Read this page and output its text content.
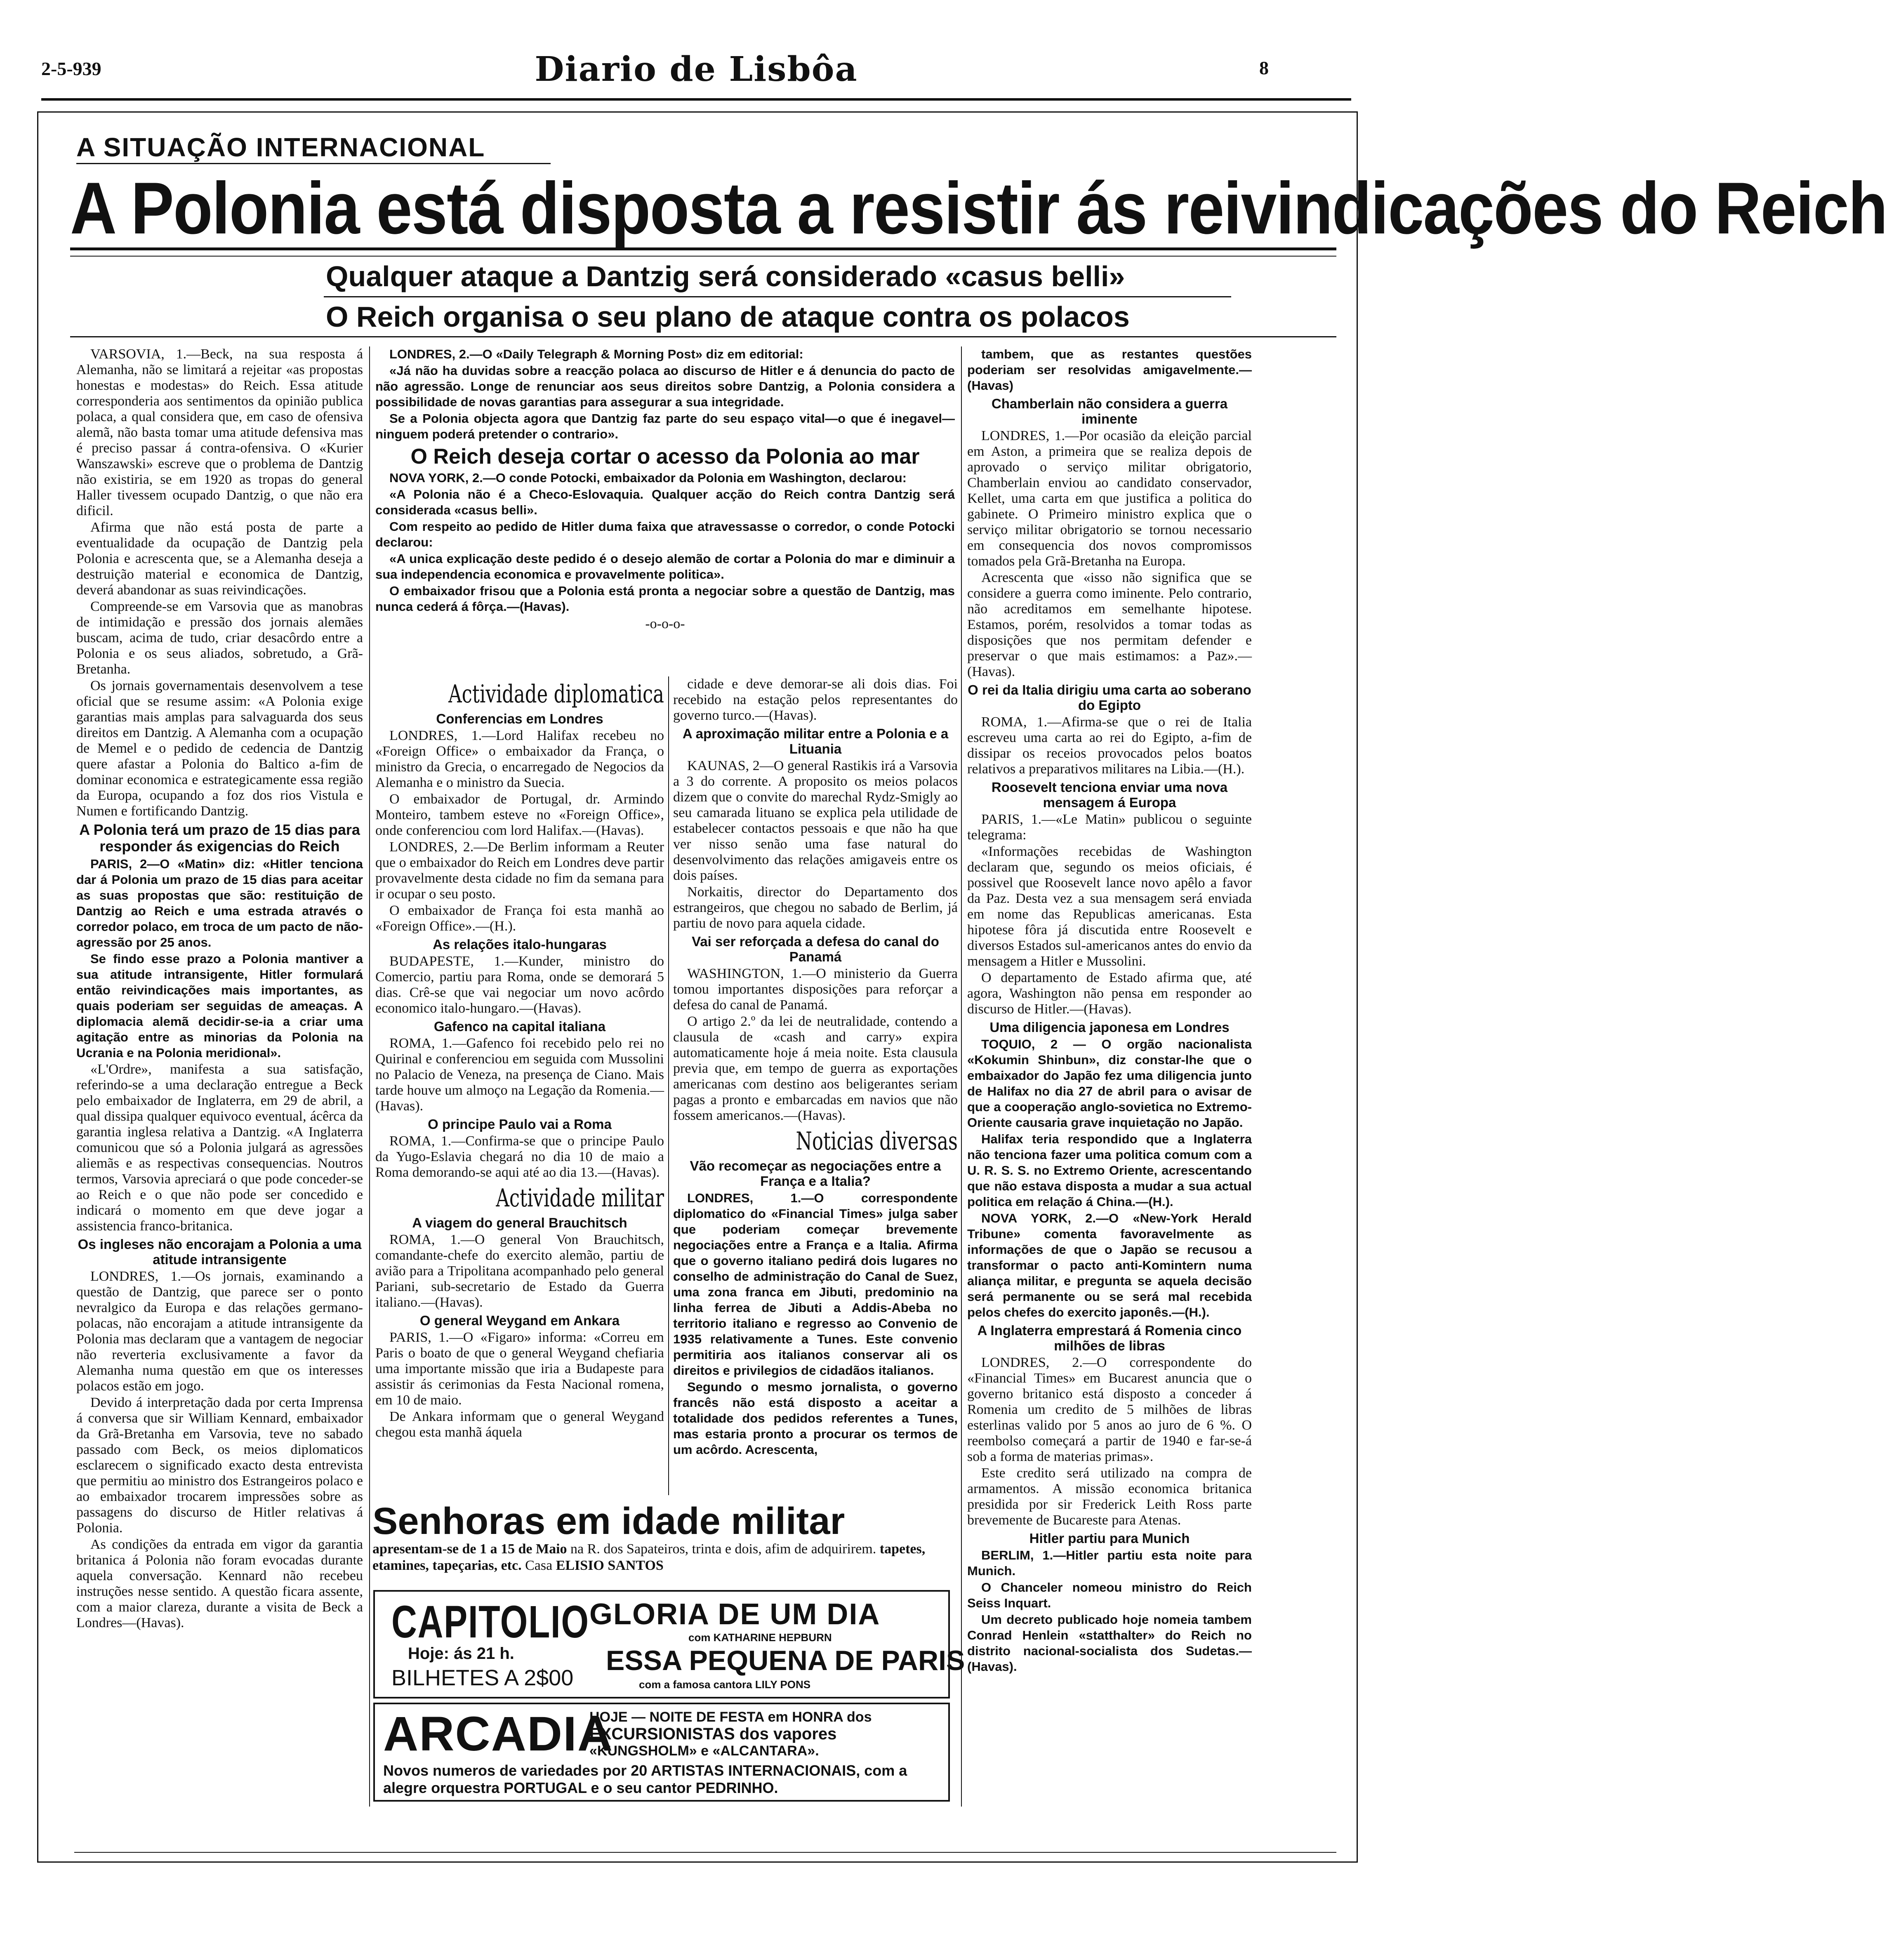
2-5-939	Diario de Lisbôa	8
A SITUAÇÃO INTERNACIONAL
A Polonia está disposta a resistir ás reivindicações do Reich
Qualquer ataque a Dantzig será considerado «casus belli»
O Reich organisa o seu plano de ataque contra os polacos

VARSOVIA, 1.—Beck, na sua resposta á Alemanha, não se limitará a rejeitar «as propostas honestas e modestas» do Reich. Essa atitude corresponderia aos sentimentos da opinião publica polaca, a qual considera que, em caso de ofensiva alemã, não basta tomar uma atitude defensiva mas é preciso passar á contra-ofensiva. O «Kurier Wanszawski» escreve que o problema de Dantzig não existiria, se em 1920 as tropas do general Haller tivessem ocupado Dantzig, o que não era dificil.

Afirma que não está posta de parte a eventualidade da ocupação de Dantzig pela Polonia e acrescenta que, se a Alemanha deseja a destruição material e economica de Dantzig, deverá abandonar as suas reivindicações.

Compreende-se em Varsovia que as manobras de intimidação e pressão dos jornais alemães buscam, acima de tudo, criar desacôrdo entre a Polonia e os seus aliados, sobretudo, a Grã-Bretanha.

Os jornais governamentais desenvolvem a tese oficial que se resume assim: «A Polonia exige garantias mais amplas para salvaguarda dos seus direitos em Dantzig. A Alemanha com a ocupação de Memel e o pedido de cedencia de Dantzig quere afastar a Polonia do Baltico a-fim de dominar economica e estrategicamente essa região da Europa, ocupando a foz dos rios Vistula e Numen e fortificando Dantzig.

A Polonia terá um prazo de 15 dias para responder ás exigencias do Reich

PARIS, 2—O «Matin» diz: «Hitler tenciona dar á Polonia um prazo de 15 dias para aceitar as suas propostas que são: restituição de Dantzig ao Reich e uma estrada através o corredor polaco, em troca de um pacto de não-agressão por 25 anos.

Se findo esse prazo a Polonia mantiver a sua atitude intransigente, Hitler formulará então reivindicações mais importantes, as quais poderiam ser seguidas de ameaças. A diplomacia alemã decidir-se-ia a criar uma agitação entre as minorias da Polonia na Ucrania e na Polonia meridional».

«L'Ordre», manifesta a sua satisfação, referindo-se a uma declaração entregue a Beck pelo embaixador de Inglaterra, em 29 de abril, a qual dissipa qualquer equivoco eventual, ácêrca da garantia inglesa relativa a Dantzig. «A Inglaterra comunicou que só a Polonia julgará as agressões aliemãs e as respectivas consequencias. Noutros termos, Varsovia apreciará o que pode conceder-se ao Reich e o que não pode ser concedido e indicará o momento em que deve jogar a assistencia franco-britanica.

Os ingleses não encorajam a Polonia a uma atitude intransigente

LONDRES, 1.—Os jornais, examinando a questão de Dantzig, que parece ser o ponto nevralgico da Europa e das relações germano-polacas, não encorajam a atitude intransigente da Polonia mas declaram que a vantagem de negociar não reverteria exclusivamente a favor da Alemanha numa questão em que os interesses polacos estão em jogo.

Devido á interpretação dada por certa Imprensa á conversa que sir William Kennard, embaixador da Grã-Bretanha em Varsovia, teve no sabado passado com Beck, os meios diplomaticos esclarecem o significado exacto desta entrevista que permitiu ao ministro dos Estrangeiros polaco e ao embaixador trocarem impressões sobre as passagens do discurso de Hitler relativas á Polonia.

As condições da entrada em vigor da garantia britanica á Polonia não foram evocadas durante aquela conversação. Kennard não recebeu instruções nesse sentido. A questão ficara assente, com a maior clareza, durante a visita de Beck a Londres—(Havas).

LONDRES, 2.—O «Daily Telegraph & Morning Post» diz em editorial:

«Já não ha duvidas sobre a reacção polaca ao discurso de Hitler e á denuncia do pacto de não agressão. Longe de renunciar aos seus direitos sobre Dantzig, a Polonia considera a possibilidade de novas garantias para assegurar a sua integridade.

Se a Polonia objecta agora que Dantzig faz parte do seu espaço vital—o que é inegavel— ninguem poderá pretender o contrario».

O Reich deseja cortar o acesso da Polonia ao mar

NOVA YORK, 2.—O conde Potocki, embaixador da Polonia em Washington, declarou:

«A Polonia não é a Checo-Eslovaquia. Qualquer acção do Reich contra Dantzig será considerada «casus belli».

Com respeito ao pedido de Hitler duma faixa que atravessasse o corredor, o conde Potocki declarou:

«A unica explicação deste pedido é o desejo alemão de cortar a Polonia do mar e diminuir a sua independencia economica e provavelmente politica».

O embaixador frisou que a Polonia está pronta a negociar sobre a questão de Dantzig, mas nunca cederá á fôrça.—(Havas).

-o-o-o-
Actividade diplomatica
Conferencias em Londres

LONDRES, 1.—Lord Halifax recebeu no «Foreign Office» o embaixador da França, o ministro da Grecia, o encarregado de Negocios da Alemanha e o ministro da Suecia.

O embaixador de Portugal, dr. Armindo Monteiro, tambem esteve no «Foreign Office», onde conferenciou com lord Halifax.—(Havas).

LONDRES, 2.—De Berlim informam a Reuter que o embaixador do Reich em Londres deve partir provavelmente desta cidade no fim da semana para ir ocupar o seu posto.

O embaixador de França foi esta manhã ao «Foreign Office».—(H.).

As relações italo-hungaras

BUDAPESTE, 1.—Kunder, ministro do Comercio, partiu para Roma, onde se demorará 5 dias. Crê-se que vai negociar um novo acôrdo economico italo-hungaro.—(Havas).

Gafenco na capital italiana

ROMA, 1.—Gafenco foi recebido pelo rei no Quirinal e conferenciou em seguida com Mussolini no Palacio de Veneza, na presença de Ciano. Mais tarde houve um almoço na Legação da Romenia.—(Havas).

O principe Paulo vai a Roma

ROMA, 1.—Confirma-se que o principe Paulo da Yugo-Eslavia chegará no dia 10 de maio a Roma demorando-se aqui até ao dia 13.—(Havas).

Actividade militar
A viagem do general Brauchitsch

ROMA, 1.—O general Von Brauchitsch, comandante-chefe do exercito alemão, partiu de avião para a Tripolitana acompanhado pelo general Pariani, sub-secretario de Estado da Guerra italiano.—(Havas).

O general Weygand em Ankara

PARIS, 1.—O «Figaro» informa: «Correu em Paris o boato de que o general Weygand chefiaria uma importante missão que iria a Budapeste para assistir ás cerimonias da Festa Nacional romena, em 10 de maio.

De Ankara informam que o general Weygand chegou esta manhã áquela

cidade e deve demorar-se ali dois dias. Foi recebido na estação pelos representantes do governo turco.—(Havas).

A aproximação militar entre a Polonia e a Lituania

KAUNAS, 2—O general Rastikis irá a Varsovia a 3 do corrente. A proposito os meios polacos dizem que o convite do marechal Rydz-Smigly ao seu camarada lituano se explica pela utilidade de estabelecer contactos pessoais e que não ha que ver nisso senão uma fase natural do desenvolvimento das relações amigaveis entre os dois países.

Norkaitis, director do Departamento dos estrangeiros, que chegou no sabado de Berlim, já partiu de novo para aquela cidade.

Vai ser reforçada a defesa do canal do Panamá

WASHINGTON, 1.—O ministerio da Guerra tomou importantes disposições para reforçar a defesa do canal de Panamá.

O artigo 2.º da lei de neutralidade, contendo a clausula de «cash and carry» expira automaticamente hoje á meia noite. Esta clausula previa que, em tempo de guerra as exportações americanas com destino aos beligerantes seriam pagas a pronto e embarcadas em navios que não fossem americanos.—(Havas).

Noticias diversas
Vão recomeçar as negociações entre a França e a Italia?

LONDRES, 1.—O correspondente diplomatico do «Financial Times» julga saber que poderiam começar brevemente negociações entre a França e a Italia. Afirma que o governo italiano pedirá dois lugares no conselho de administração do Canal de Suez, uma zona franca em Jibuti, predominio na linha ferrea de Jibuti a Addis-Abeba no territorio italiano e regresso ao Convenio de 1935 relativamente a Tunes. Este convenio permitiria aos italianos conservar ali os direitos e privilegios de cidadãos italianos.

Segundo o mesmo jornalista, o governo francês não está disposto a aceitar a totalidade dos pedidos referentes a Tunes, mas estaria pronto a procurar os termos de um acôrdo. Acrescenta,

tambem, que as restantes questões poderiam ser resolvidas amigavelmente.—(Havas)

Chamberlain não considera a guerra iminente

LONDRES, 1.—Por ocasião da eleição parcial em Aston, a primeira que se realiza depois de aprovado o serviço militar obrigatorio, Chamberlain enviou ao candidato conservador, Kellet, uma carta em que justifica a politica do gabinete. O Primeiro ministro explica que o serviço militar obrigatorio se tornou necessario em consequencia dos novos compromissos tomados pela Grã-Bretanha na Europa.

Acrescenta que «isso não significa que se considere a guerra como iminente. Pelo contrario, não acreditamos em semelhante hipotese. Estamos, porém, resolvidos a tomar todas as disposições que nos permitam defender e preservar o que mais estimamos: a Paz».—(Havas).

O rei da Italia dirigiu uma carta ao soberano do Egipto

ROMA, 1.—Afirma-se que o rei de Italia escreveu uma carta ao rei do Egipto, a-fim de dissipar os receios provocados pelos boatos relativos a preparativos militares na Libia.—(H.).

Roosevelt tenciona enviar uma nova mensagem á Europa

PARIS, 1.—«Le Matin» publicou o seguinte telegrama:

«Informações recebidas de Washington declaram que, segundo os meios oficiais, é possivel que Roosevelt lance novo apêlo a favor da Paz. Desta vez a sua mensagem será enviada em nome das Republicas americanas. Esta hipotese fôra já discutida entre Roosevelt e diversos Estados sul-americanos antes do envio da mensagem a Hitler e Mussolini.

O departamento de Estado afirma que, até agora, Washington não pensa em responder ao discurso de Hitler.—(Havas).

Uma diligencia japonesa em Londres

TOQUIO, 2 — O orgão nacionalista «Kokumin Shinbun», diz constar-lhe que o embaixador do Japão fez uma diligencia junto de Halifax no dia 27 de abril para o avisar de que a cooperação anglo-sovietica no Extremo-Oriente causaria grave inquietação no Japão.

Halifax teria respondido que a Inglaterra não tenciona fazer uma politica comum com a U. R. S. S. no Extremo Oriente, acrescentando que não estava disposta a mudar a sua actual politica em relação á China.—(H.).

NOVA YORK, 2.—O «New-York Herald Tribune» comenta favoravelmente as informações de que o Japão se recusou a transformar o pacto anti-Komintern numa aliança militar, e pregunta se aquela decisão será permanente ou se será mal recebida pelos chefes do exercito japonês.—(H.).

A Inglaterra emprestará á Romenia cinco milhões de libras

LONDRES, 2.—O correspondente do «Financial Times» em Bucarest anuncia que o governo britanico está disposto a conceder á Romenia um credito de 5 milhões de libras esterlinas valido por 5 anos ao juro de 6 %. O reembolso começará a partir de 1940 e far-se-á sob a forma de materias primas».

Este credito será utilizado na compra de armamentos. A missão economica britanica presidida por sir Frederick Leith Ross parte brevemente de Bucareste para Atenas.

Hitler partiu para Munich

BERLIM, 1.—Hitler partiu esta noite para Munich.

O Chanceler nomeou ministro do Reich Seiss Inquart.

Um decreto publicado hoje nomeia tambem Conrad Henlein «statthalter» do Reich no distrito nacional-socialista dos Sudetas.—(Havas).

Senhoras em idade militar
apresentam-se de 1 a 15 de Maio na R. dos Sapateiros, trinta e dois, afim de adquirirem. tapetes, etamines, tapeçarias, etc. Casa ELISIO SANTOS
CAPITOLIO
Hoje: ás 21 h.
BILHETES A 2$00
GLORIA DE UM DIA
com KATHARINE HEPBURN
ESSA PEQUENA DE PARIS
com a famosa cantora LILY PONS
ARCADIA
HOJE — NOITE DE FESTA em HONRA dos
EXCURSIONISTAS dos vapores
«KUNGSHOLM» e «ALCANTARA».
Novos numeros de variedades por 20 ARTISTAS INTERNACIONAIS, com a alegre orquestra PORTUGAL e o seu cantor PEDRINHO.
